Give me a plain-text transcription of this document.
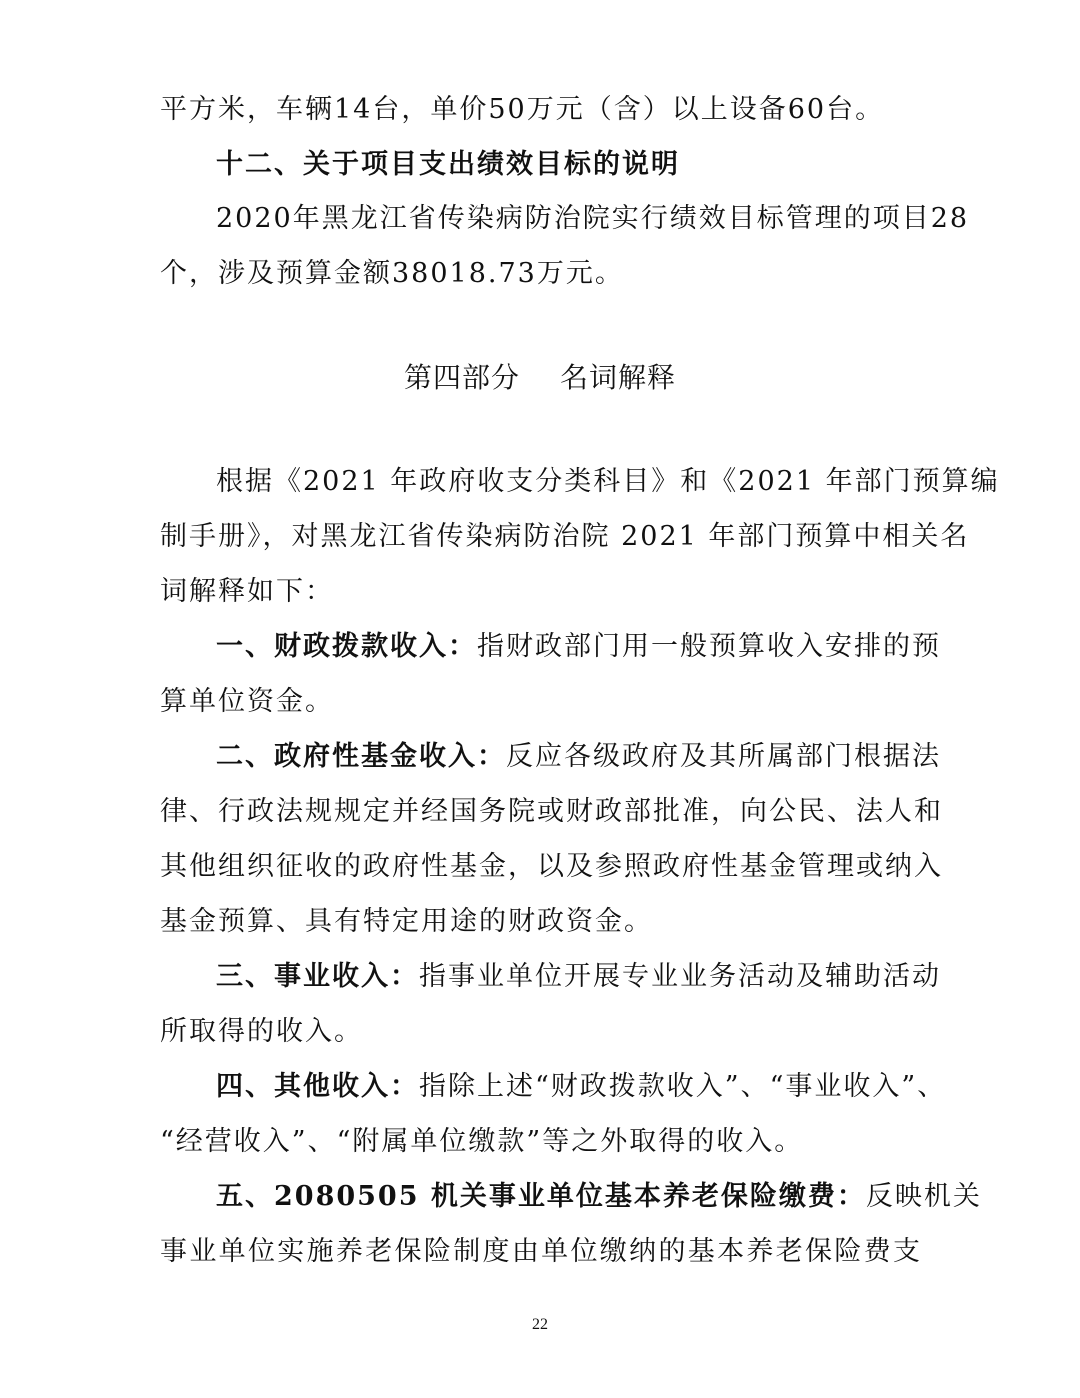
平方米，车辆14台，单价50万元（含）以上设备60台。
十二、关于项目支出绩效目标的说明
2020年黑龙江省传染病防治院实行绩效目标管理的项目28
个，涉及预算金额38018.73万元。
第四部分 名词解释
根据《2021 年政府收支分类科目》和《2021 年部门预算编
制手册》，对黑龙江省传染病防治院 2021 年部门预算中相关名
词解释如下：
一、财政拨款收入：指财政部门用一般预算收入安排的预
算单位资金。
二、政府性基金收入：反应各级政府及其所属部门根据法
律、行政法规规定并经国务院或财政部批准，向公民、法人和
其他组织征收的政府性基金，以及参照政府性基金管理或纳入
基金预算、具有特定用途的财政资金。
三、事业收入：指事业单位开展专业业务活动及辅助活动
所取得的收入。
四、其他收入：指除上述“财政拨款收入”、“事业收入”、
“经营收入”、“附属单位缴款”等之外取得的收入。
五、2080505 机关事业单位基本养老保险缴费：反映机关
事业单位实施养老保险制度由单位缴纳的基本养老保险费支
22
